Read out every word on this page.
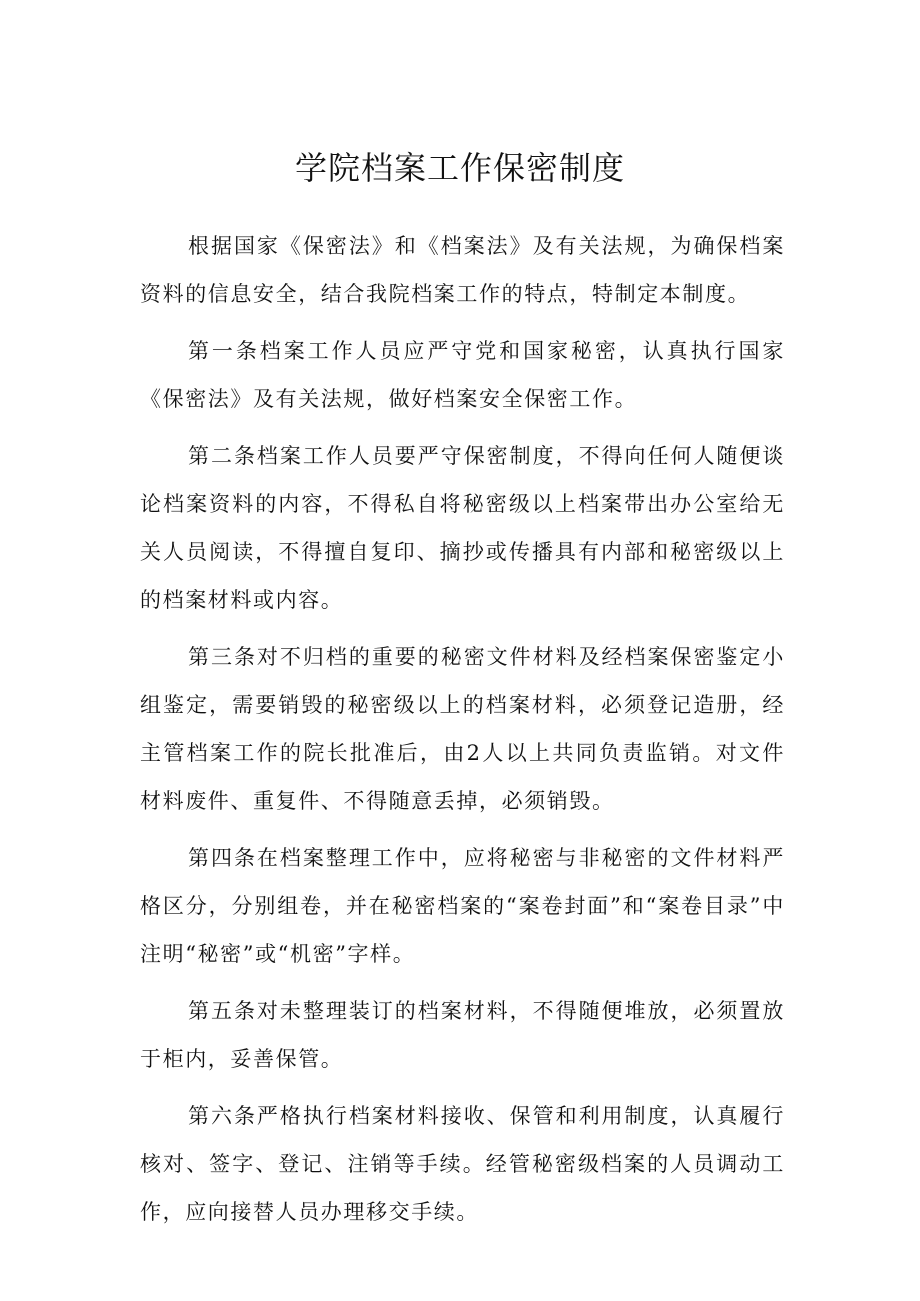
学院档案工作保密制度

根据国家《保密法》和《档案法》及有关法规，为确保档案资料的信息安全，结合我院档案工作的特点，特制定本制度。

第一条档案工作人员应严守党和国家秘密，认真执行国家《保密法》及有关法规，做好档案安全保密工作。

第二条档案工作人员要严守保密制度，不得向任何人随便谈论档案资料的内容，不得私自将秘密级以上档案带出办公室给无关人员阅读，不得擅自复印、摘抄或传播具有内部和秘密级以上的档案材料或内容。

第三条对不归档的重要的秘密文件材料及经档案保密鉴定小组鉴定，需要销毁的秘密级以上的档案材料，必须登记造册，经主管档案工作的院长批准后，由2人以上共同负责监销。对文件材料废件、重复件、不得随意丢掉，必须销毁。

第四条在档案整理工作中，应将秘密与非秘密的文件材料严格区分，分别组卷，并在秘密档案的“案卷封面”和“案卷目录”中注明“秘密”或“机密”字样。

第五条对未整理装订的档案材料，不得随便堆放，必须置放于柜内，妥善保管。

第六条严格执行档案材料接收、保管和利用制度，认真履行核对、签字、登记、注销等手续。经管秘密级档案的人员调动工作，应向接替人员办理移交手续。
